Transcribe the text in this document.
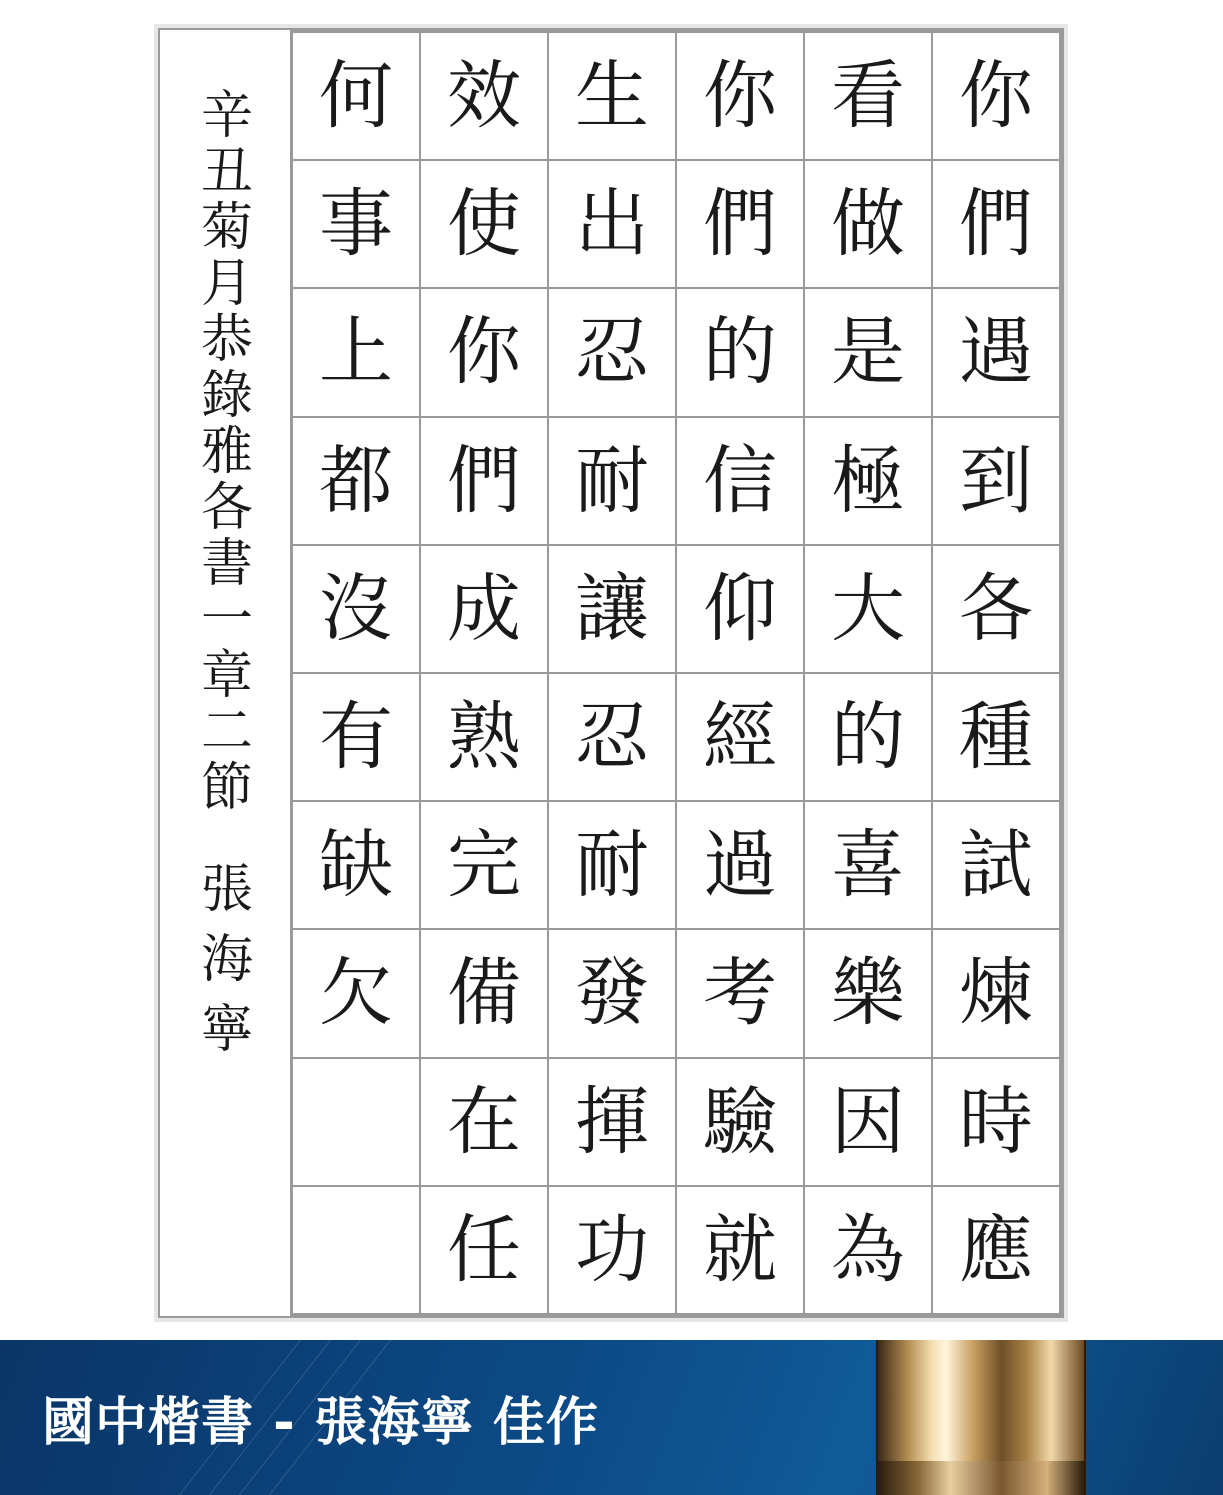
何 效 生 你 看 你
事 使 出 們 做 們
上 你 忍 的 是 遇
都 們 耐 信 極 到
沒 成 讓 仰 大 各
有 熟 忍 經 的 種
缺 完 耐 過 喜 試
欠 備 發 考 樂 煉
在 揮 驗 因 時
任 功 就 為 應
辛
丑
菊
月
恭
錄
雅
各
書
一
章
二
節
張
海
寧
國中楷書 - 張海寧 佳作
